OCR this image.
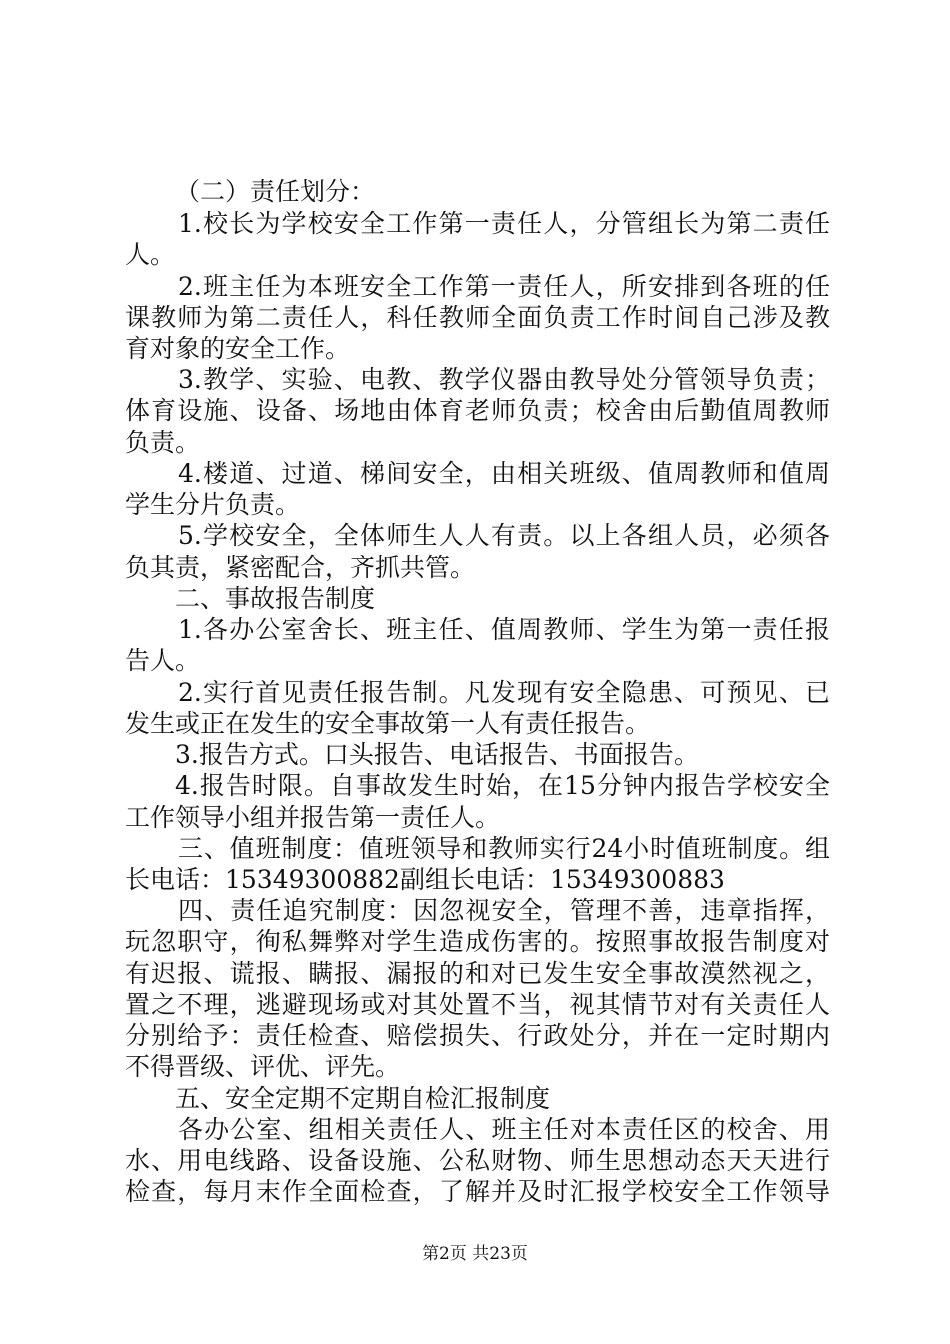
（二）责任划分：
1.校长为学校安全工作第一责任人，分管组长为第二责任
人。
2.班主任为本班安全工作第一责任人，所安排到各班的任
课教师为第二责任人，科任教师全面负责工作时间自己涉及教
育对象的安全工作。
3.教学、实验、电教、教学仪器由教导处分管领导负责；
体育设施、设备、场地由体育老师负责；校舍由后勤值周教师
负责。
4.楼道、过道、梯间安全，由相关班级、值周教师和值周
学生分片负责。
5.学校安全，全体师生人人有责。以上各组人员，必须各
负其责，紧密配合，齐抓共管。
二、事故报告制度
1.各办公室舍长、班主任、值周教师、学生为第一责任报
告人。
2.实行首见责任报告制。凡发现有安全隐患、可预见、已
发生或正在发生的安全事故第一人有责任报告。
3.报告方式。口头报告、电话报告、书面报告。
4.报告时限。自事故发生时始，在15分钟内报告学校安全
工作领导小组并报告第一责任人。
三、值班制度：值班领导和教师实行24小时值班制度。组
长电话：15349300882副组长电话：15349300883
四、责任追究制度：因忽视安全，管理不善，违章指挥，
玩忽职守，徇私舞弊对学生造成伤害的。按照事故报告制度对
有迟报、谎报、瞒报、漏报的和对已发生安全事故漠然视之，
置之不理，逃避现场或对其处置不当，视其情节对有关责任人
分别给予：责任检查、赔偿损失、行政处分，并在一定时期内
不得晋级、评优、评先。
五、安全定期不定期自检汇报制度
各办公室、组相关责任人、班主任对本责任区的校舍、用
水、用电线路、设备设施、公私财物、师生思想动态天天进行
检查，每月末作全面检查，了解并及时汇报学校安全工作领导
第2页 共23页
